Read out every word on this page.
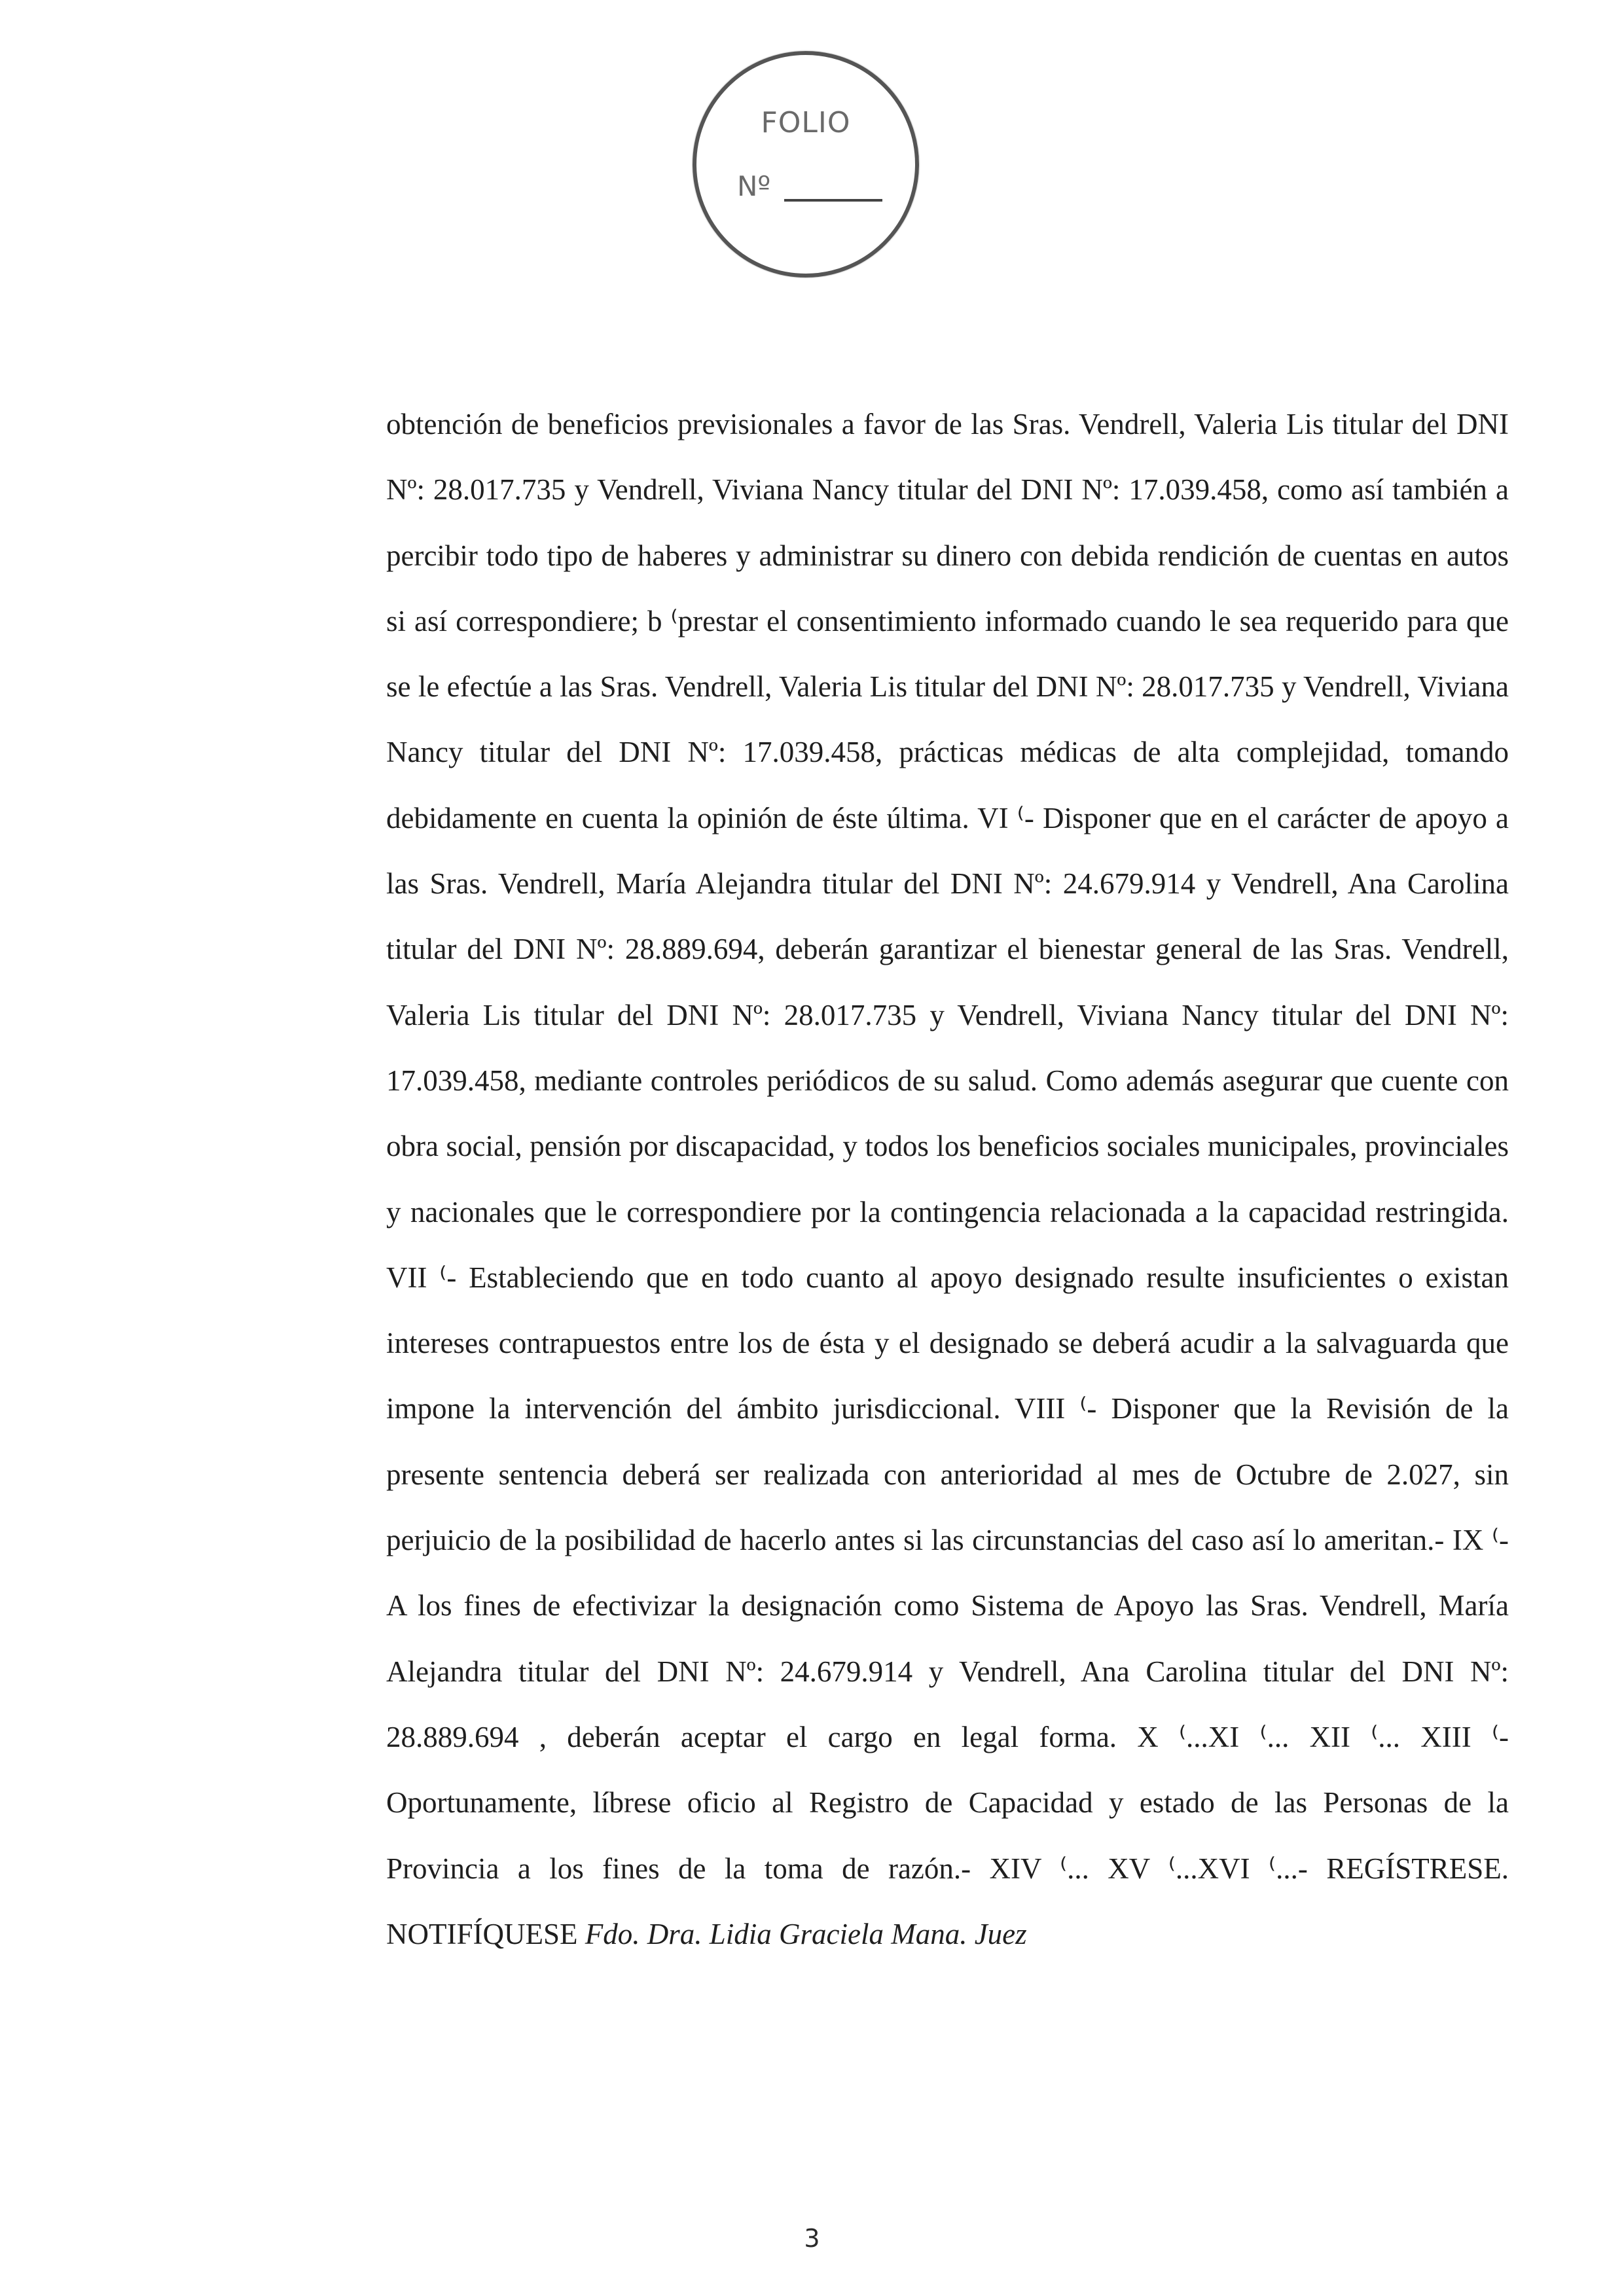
FOLIO
Nº

obtención de beneficios previsionales a favor de las Sras. Vendrell, Valeria Lis titular del DNI Nº: 28.017.735 y Vendrell, Viviana Nancy titular del DNI Nº: 17.039.458, como así también a percibir todo tipo de haberes y administrar su dinero con debida rendición de cuentas en autos si así correspondiere; b ⁽prestar el consentimiento informado cuando le sea requerido para que se le efectúe a las Sras. Vendrell, Valeria Lis titular del DNI Nº: 28.017.735 y Vendrell, Viviana Nancy titular del DNI Nº: 17.039.458, prácticas médicas de alta complejidad, tomando debidamente en cuenta la opinión de éste última. VI ⁽- Disponer que en el carácter de apoyo a las Sras. Vendrell, María Alejandra titular del DNI Nº: 24.679.914 y Vendrell, Ana Carolina titular del DNI Nº: 28.889.694, deberán garantizar el bienestar general de las Sras. Vendrell, Valeria Lis titular del DNI Nº: 28.017.735 y Vendrell, Viviana Nancy titular del DNI Nº: 17.039.458, mediante controles periódicos de su salud. Como además asegurar que cuente con obra social, pensión por discapacidad, y todos los beneficios sociales municipales, provinciales y nacionales que le correspondiere por la contingencia relacionada a la capacidad restringida. VII ⁽- Estableciendo que en todo cuanto al apoyo designado resulte insuficientes o existan intereses contrapuestos entre los de ésta y el designado se deberá acudir a la salvaguarda que impone la intervención del ámbito jurisdiccional. VIII ⁽- Disponer que la Revisión de la presente sentencia deberá ser realizada con anterioridad al mes de Octubre de 2.027, sin perjuicio de la posibilidad de hacerlo antes si las circunstancias del caso así lo ameritan.- IX ⁽- A los fines de efectivizar la designación como Sistema de Apoyo las Sras. Vendrell, María Alejandra titular del DNI Nº: 24.679.914 y Vendrell, Ana Carolina titular del DNI Nº: 28.889.694 , deberán aceptar el cargo en legal forma. X ⁽...XI ⁽... XII ⁽... XIII ⁽- Oportunamente, líbrese oficio al Registro de Capacidad y estado de las Personas de la Provincia a los fines de la toma de razón.- XIV ⁽... XV ⁽...XVI ⁽...- REGÍSTRESE. NOTIFÍQUESE Fdo. Dra. Lidia Graciela Mana. Juez

3
